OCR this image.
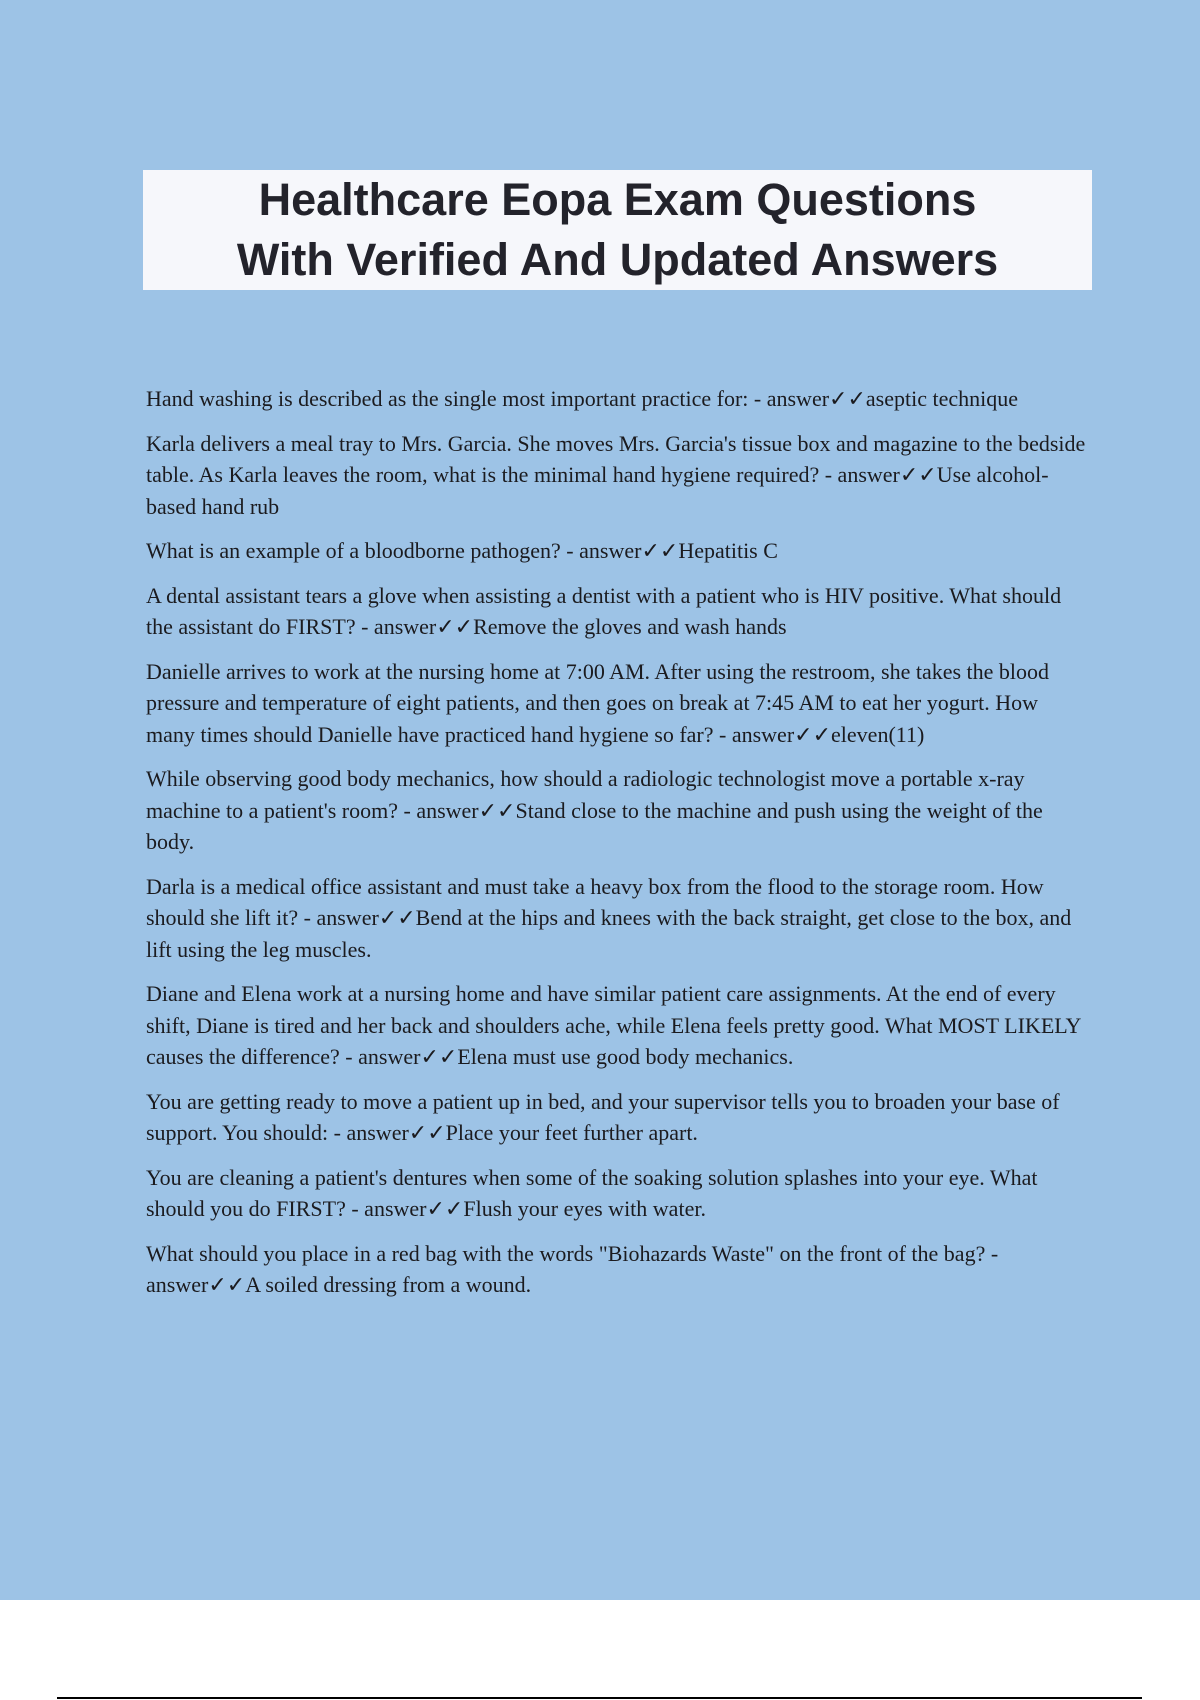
Healthcare Eopa Exam Questions
With Verified And Updated Answers
Hand washing is described as the single most important practice for: - answer✓✓aseptic technique
Karla delivers a meal tray to Mrs. Garcia. She moves Mrs. Garcia's tissue box and magazine to the bedside table. As Karla leaves the room, what is the minimal hand hygiene required? - answer✓✓Use alcohol-based hand rub
What is an example of a bloodborne pathogen? - answer✓✓Hepatitis C
A dental assistant tears a glove when assisting a dentist with a patient who is HIV positive. What should the assistant do FIRST? - answer✓✓Remove the gloves and wash hands
Danielle arrives to work at the nursing home at 7:00 AM. After using the restroom, she takes the blood pressure and temperature of eight patients, and then goes on break at 7:45 AM to eat her yogurt. How many times should Danielle have practiced hand hygiene so far? - answer✓✓eleven(11)
While observing good body mechanics, how should a radiologic technologist move a portable x-ray machine to a patient's room? - answer✓✓Stand close to the machine and push using the weight of the body.
Darla is a medical office assistant and must take a heavy box from the flood to the storage room. How should she lift it? - answer✓✓Bend at the hips and knees with the back straight, get close to the box, and lift using the leg muscles.
Diane and Elena work at a nursing home and have similar patient care assignments. At the end of every shift, Diane is tired and her back and shoulders ache, while Elena feels pretty good. What MOST LIKELY causes the difference? - answer✓✓Elena must use good body mechanics.
You are getting ready to move a patient up in bed, and your supervisor tells you to broaden your base of support. You should: - answer✓✓Place your feet further apart.
You are cleaning a patient's dentures when some of the soaking solution splashes into your eye. What should you do FIRST? - answer✓✓Flush your eyes with water.
What should you place in a red bag with the words "Biohazards Waste" on the front of the bag? - answer✓✓A soiled dressing from a wound.
